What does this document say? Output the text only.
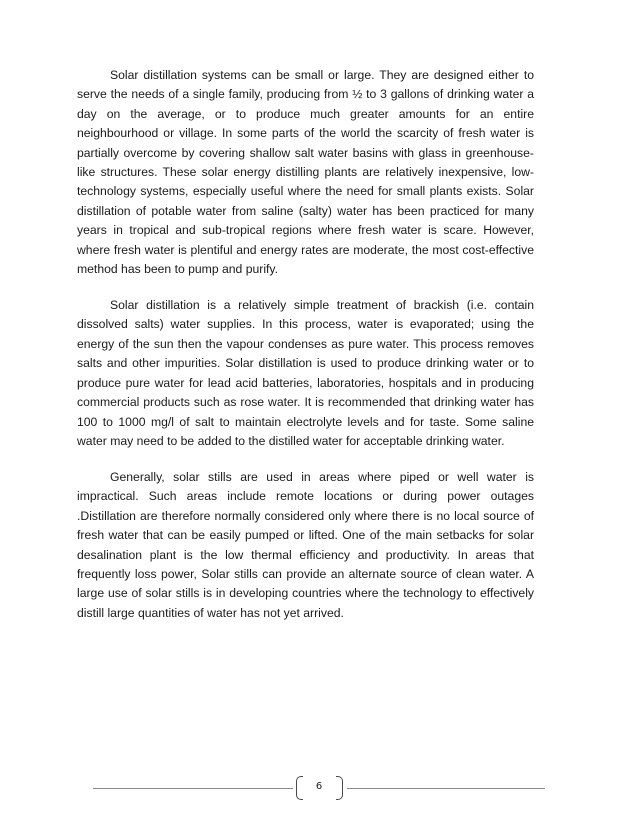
Solar distillation systems can be small or large. They are designed either to serve the needs of a single family, producing from ½ to 3 gallons of drinking water a day on the average, or to produce much greater amounts for an entire neighbourhood or village. In some parts of the world the scarcity of fresh water is partially overcome by covering shallow salt water basins with glass in greenhouse-like structures. These solar energy distilling plants are relatively inexpensive, low-technology systems, especially useful where the need for small plants exists. Solar distillation of potable water from saline (salty) water has been practiced for many years in tropical and sub-tropical regions where fresh water is scare. However, where fresh water is plentiful and energy rates are moderate, the most cost-effective method has been to pump and purify.

Solar distillation is a relatively simple treatment of brackish (i.e. contain dissolved salts) water supplies. In this process, water is evaporated; using the energy of the sun then the vapour condenses as pure water. This process removes salts and other impurities. Solar distillation is used to produce drinking water or to produce pure water for lead acid batteries, laboratories, hospitals and in producing commercial products such as rose water. It is recommended that drinking water has 100 to 1000 mg/l of salt to maintain electrolyte levels and for taste. Some saline water may need to be added to the distilled water for acceptable drinking water.

Generally, solar stills are used in areas where piped or well water is impractical. Such areas include remote locations or during power outages .Distillation are therefore normally considered only where there is no local source of fresh water that can be easily pumped or lifted. One of the main setbacks for solar desalination plant is the low thermal efficiency and productivity. In areas that frequently loss power, Solar stills can provide an alternate source of clean water. A large use of solar stills is in developing countries where the technology to effectively distill large quantities of water has not yet arrived.

6
